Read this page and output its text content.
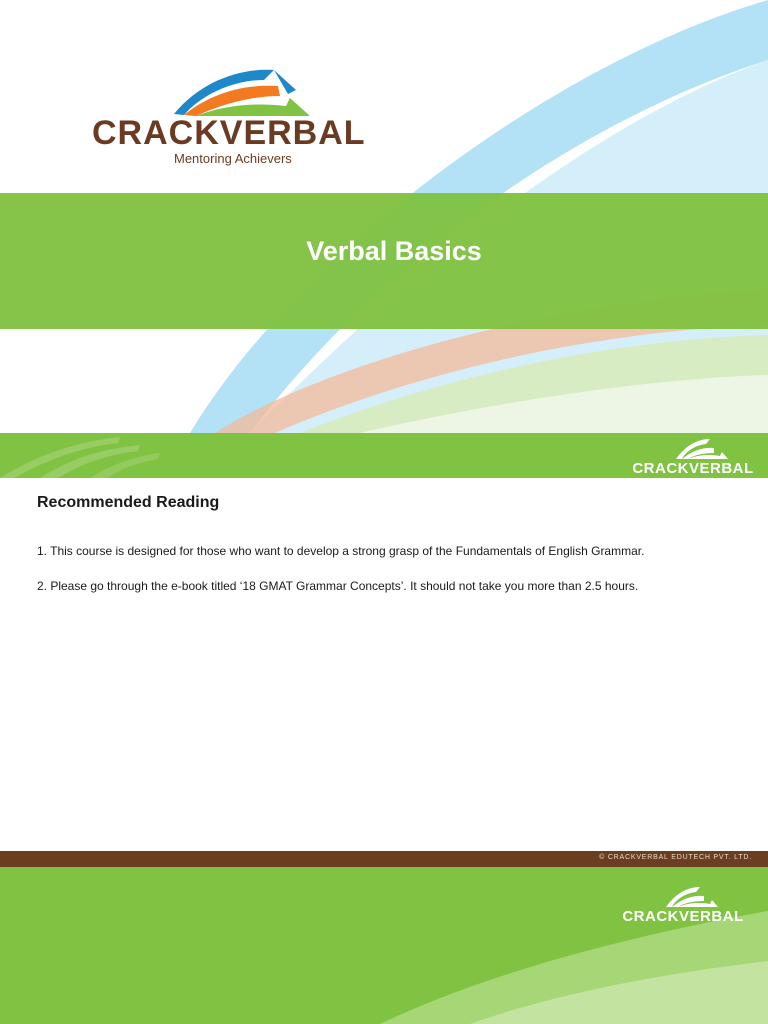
CRACKVERBAL
Mentoring Achievers
Verbal Basics
CRACKVERBAL
Recommended Reading
1. This course is designed for those who want to develop a strong grasp of the Fundamentals of English Grammar.
2. Please go through the e-book titled ‘18 GMAT Grammar Concepts’. It should not take you more than 2.5 hours.
© CRACKVERBAL EDUTECH PVT. LTD.
CRACKVERBAL
